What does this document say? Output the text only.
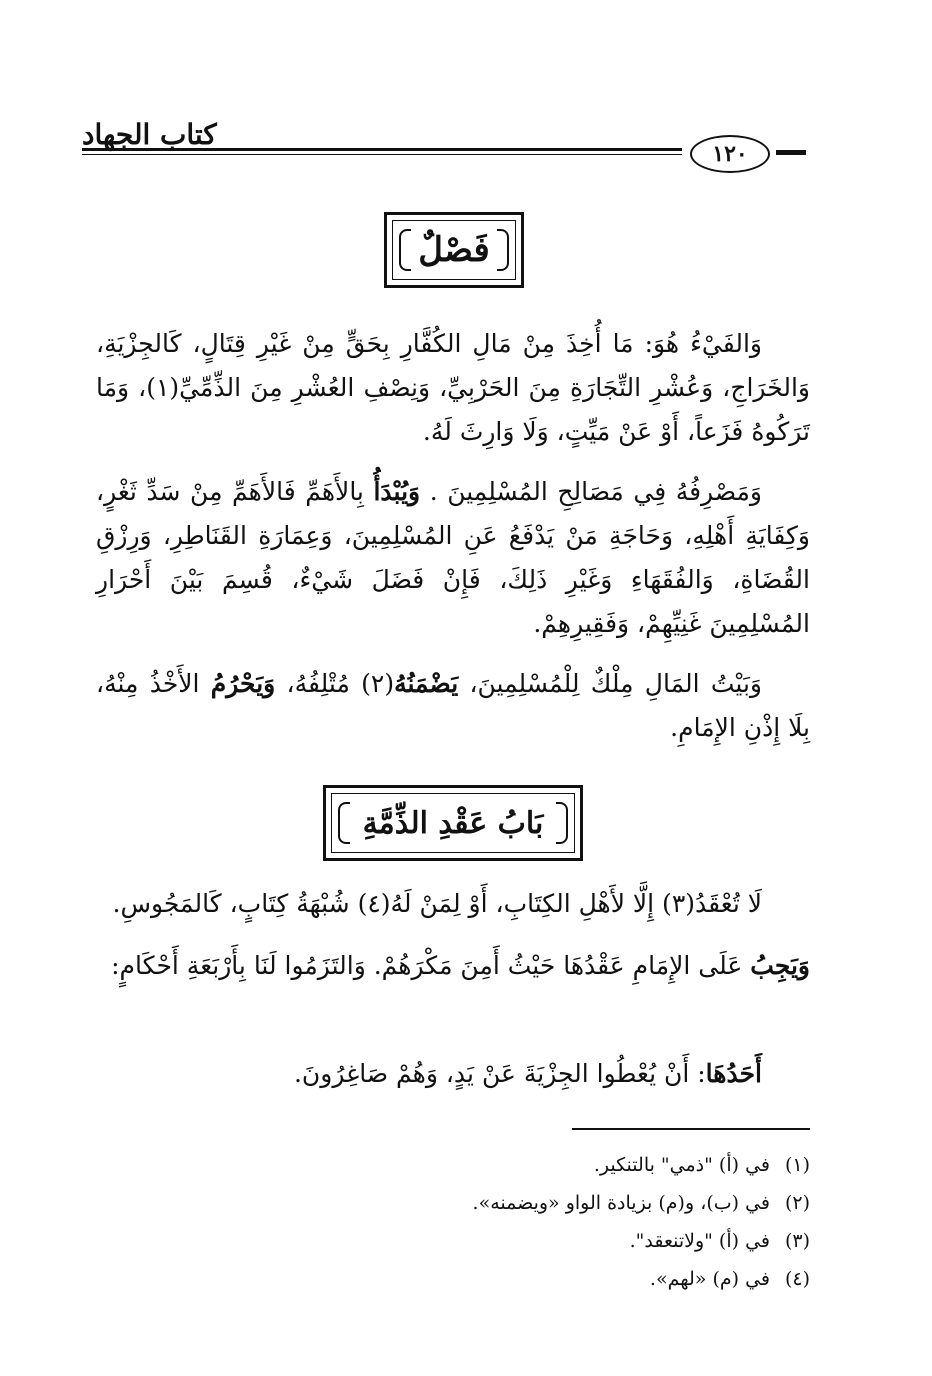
كتاب الجهاد
١٢٠
فَصْلٌ
وَالفَيْءُ هُوَ: مَا أُخِذَ مِنْ مَالِ الكُفَّارِ بِحَقٍّ مِنْ غَيْرِ قِتَالٍ، كَالجِزْيَةِ، وَالخَرَاجِ، وَعُشْرِ التِّجَارَةِ مِنَ الحَرْبِيِّ، وَنِصْفِ العُشْرِ مِنَ الذِّمِّيِّ(١)، وَمَا تَرَكُوهُ فَزَعاً، أَوْ عَنْ مَيِّتٍ، وَلَا وَارِثَ لَهُ.
وَمَصْرِفُهُ فِي مَصَالِحِ المُسْلِمِينَ . وَيُبْدَأُ بِالأَهَمِّ فَالأَهَمِّ مِنْ سَدِّ ثَغْرٍ، وَكِفَايَةِ أَهْلِهِ، وَحَاجَةِ مَنْ يَدْفَعُ عَنِ المُسْلِمِينَ، وَعِمَارَةِ القَنَاطِرِ، وَرِزْقِ القُضَاةِ، وَالفُقَهَاءِ وَغَيْرِ ذَلِكَ، فَإِنْ فَضَلَ شَيْءٌ، قُسِمَ بَيْنَ أَحْرَارِ المُسْلِمِينَ غَنِيِّهِمْ، وَفَقِيرِهِمْ.
وَبَيْتُ المَالِ مِلْكٌ لِلْمُسْلِمِينَ، يَضْمَنُهُ(٢) مُتْلِفُهُ، وَيَحْرُمُ الأَخْذُ مِنْهُ، بِلَا إِذْنِ الإِمَامِ.
بَابُ عَقْدِ الذِّمَّةِ
لَا تُعْقَدُ(٣) إِلَّا لأَهْلِ الكِتَابِ، أَوْ لِمَنْ لَهُ(٤) شُبْهَةُ كِتَابٍ، كَالمَجُوسِ.
وَيَجِبُ عَلَى الإِمَامِ عَقْدُهَا حَيْثُ أَمِنَ مَكْرَهُمْ. وَالتَزَمُوا لَنَا بِأَرْبَعَةِ أَحْكَامٍ:
أَحَدُهَا: أَنْ يُعْطُوا الجِزْيَةَ عَنْ يَدٍ، وَهُمْ صَاغِرُونَ.
(١)في (أ) "ذمي" بالتنكير.
(٢)في (ب)، و(م) بزيادة الواو «ويضمنه».
(٣)في (أ) "ولاتنعقد".
(٤)في (م) «لهم».
